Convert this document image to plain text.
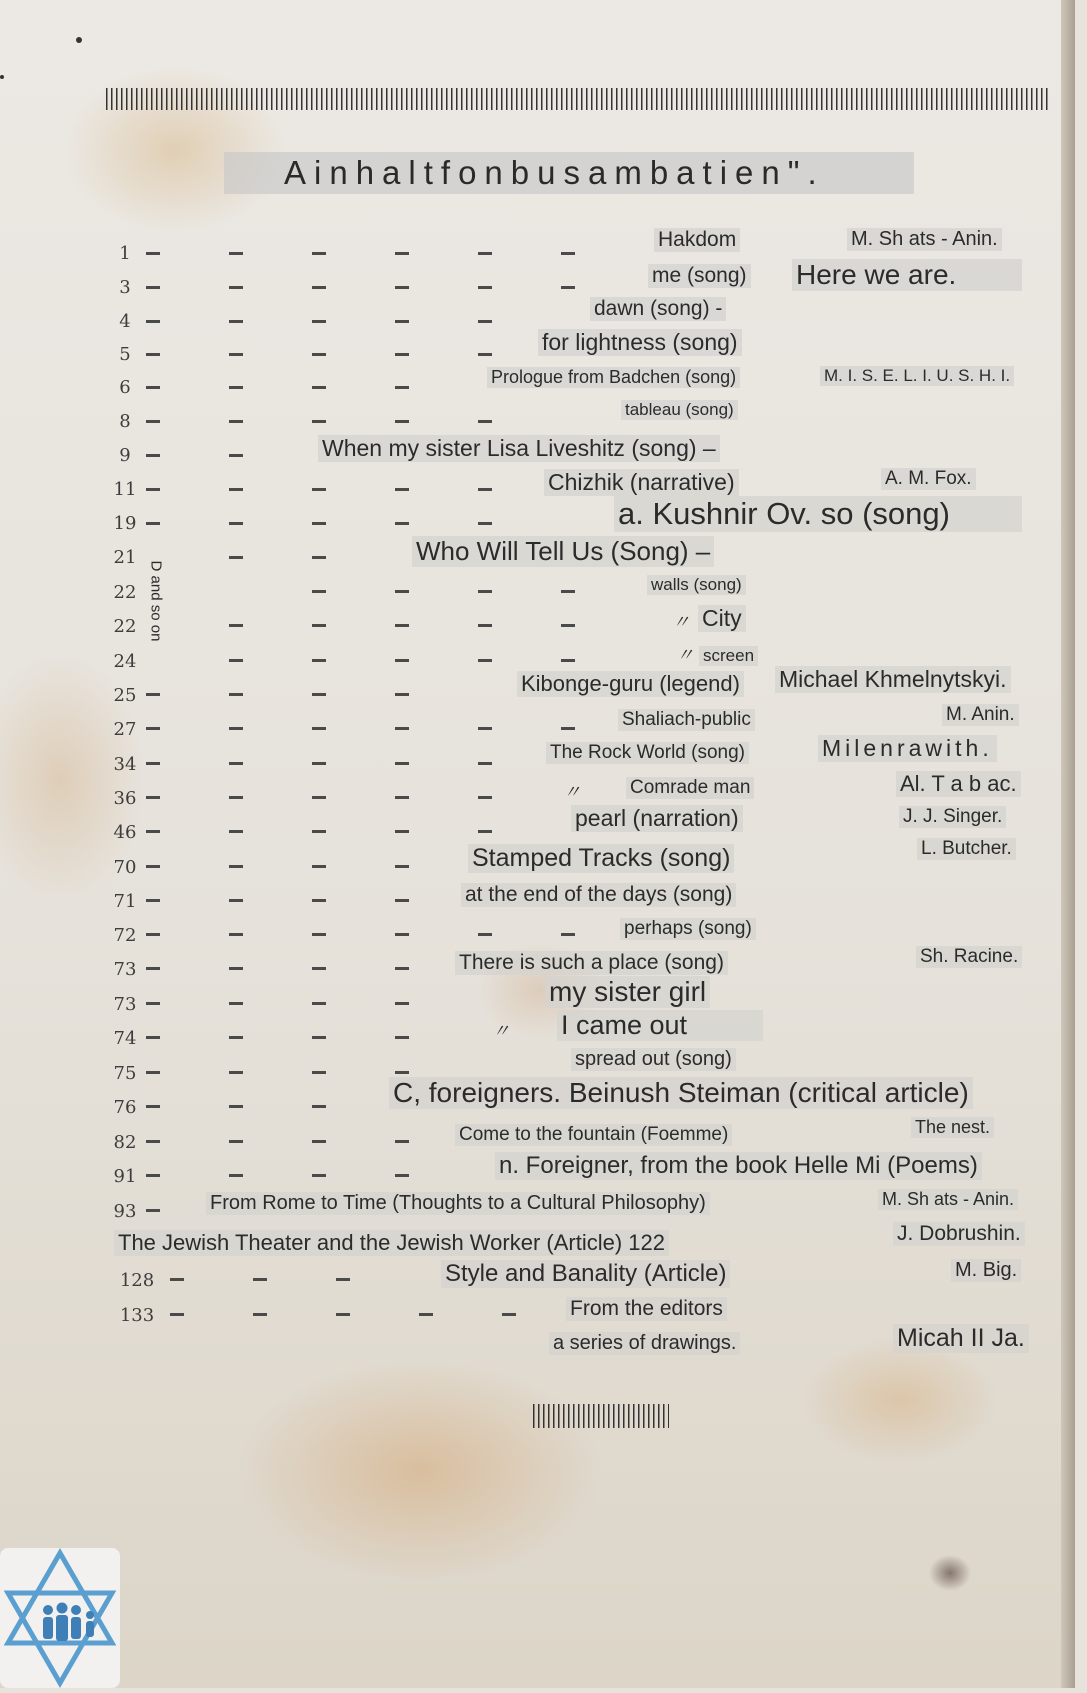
Ainhaltfonbusambatien".
D and so on
1
3
4
5
6
8
9
11
19
21
22
22
24
25
27
34
36
46
70
71
72
73
73
74
75
76
82
91
93
128
133
〃
〃
〃
〃
Hakdom
me (song)
dawn (song) -
for lightness (song)
Prologue from Badchen (song)
tableau (song)
When my sister Lisa Liveshitz (song) –
Chizhik (narrative)
a. Kushnir Ov. so (song)
Who Will Tell Us (Song) –
walls (song)
City
screen
Kibonge-guru (legend)
Shaliach-public
The Rock World (song)
Comrade man
pearl (narration)
Stamped Tracks (song)
at the end of the days (song)
perhaps (song)
There is such a place (song)
my sister girl
I came out
spread out (song)
C, foreigners. Beinush Steiman (critical article)
Come to the fountain (Foemme)
n. Foreigner, from the book Helle Mi (Poems)
From Rome to Time (Thoughts to a Cultural Philosophy)
The Jewish Theater and the Jewish Worker (Article) 122
Style and Banality (Article)
From the editors
a series of drawings.
M. Sh ats - Anin.
Here we are.
M. I. S. E. L. I. U. S. H. I.
A. M. Fox.
Michael Khmelnytskyi.
M. Anin.
Milenrawith.
Al. T a b ac.
J. J. Singer.
L. Butcher.
Sh. Racine.
The nest.
M. Sh ats - Anin.
J. Dobrushin.
M. Big.
Micah II Ja.
